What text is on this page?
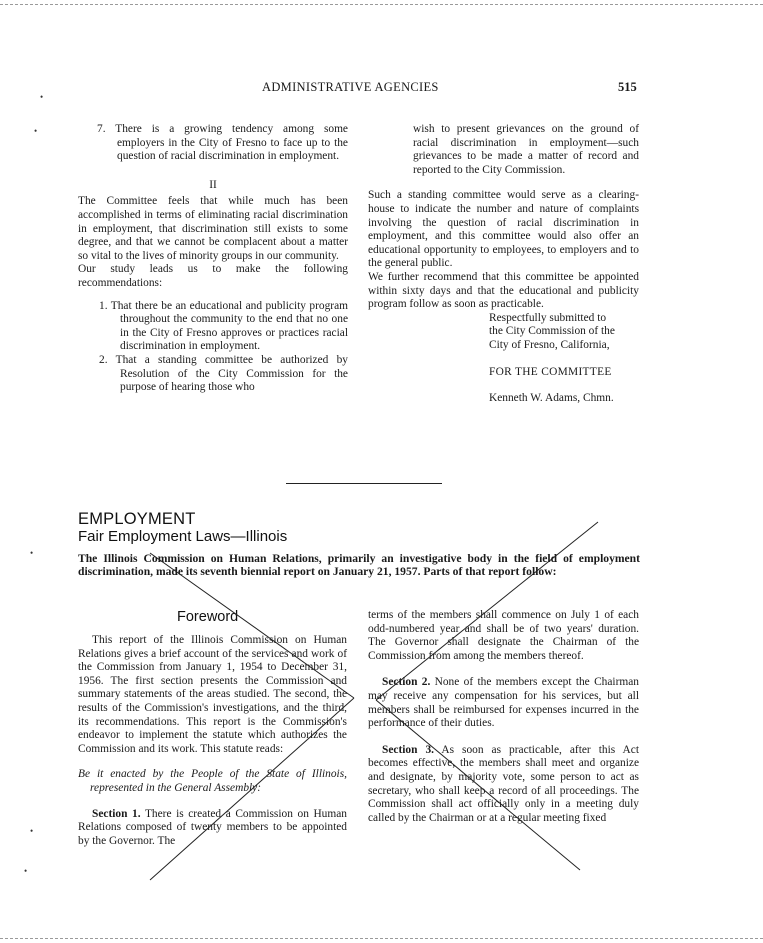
ADMINISTRATIVE AGENCIES	515

7. There is a growing tendency among some employers in the City of Fresno to face up to the question of racial discrimination in employment.

II

The Committee feels that while much has been accomplished in terms of eliminating racial discrimination in employment, that discrimination still exists to some degree, and that we cannot be complacent about a matter so vital to the lives of minority groups in our community.

Our study leads us to make the following recommendations:

1. That there be an educational and publicity program throughout the community to the end that no one in the City of Fresno approves or practices racial discrimination in employment.

2. That a standing committee be authorized by Resolution of the City Commission for the purpose of hearing those who

wish to present grievances on the ground of racial discrimination in employment—such grievances to be made a matter of record and reported to the City Commission.

Such a standing committee would serve as a clearing-house to indicate the number and nature of complaints involving the question of racial discrimination in employment, and this committee would also offer an educational opportunity to employees, to employers and to the general public.

We further recommend that this committee be appointed within sixty days and that the educational and publicity program follow as soon as practicable.

Respectfully submitted to

the City Commission of the

City of Fresno, California,

FOR THE COMMITTEE

Kenneth W. Adams, Chmn.

EMPLOYMENT
Fair Employment Laws—Illinois
The Illinois Commission on Human Relations, primarily an investigative body in the field of employment discrimination, made its seventh biennial report on January 21, 1957. Parts of that report follow:
Foreword

This report of the Illinois Commission on Human Relations gives a brief account of the services and work of the Commission from January 1, 1954 to December 31, 1956. The first section presents the Commission and summary statements of the areas studied. The second, the results of the Commission's investigations, and the third, its recommendations. This report is the Commission's endeavor to implement the statute which authorizes the Commission and its work. This statute reads:

Be it enacted by the People of the State of Illinois, represented in the General Assembly:

Section 1. There is created a Commission on Human Relations composed of twenty members to be appointed by the Governor. The

terms of the members shall commence on July 1 of each odd-numbered year and shall be of two years' duration. The Governor shall designate the Chairman of the Commission from among the members thereof.

Section 2. None of the members except the Chairman may receive any compensation for his services, but all members shall be reimbursed for expenses incurred in the performance of their duties.

Section 3. As soon as practicable, after this Act becomes effective, the members shall meet and organize and designate, by majority vote, some person to act as secretary, who shall keep a record of all proceedings. The Commission shall act officially only in a meeting duly called by the Chairman or at a regular meeting fixed

•
•
•
•
•
